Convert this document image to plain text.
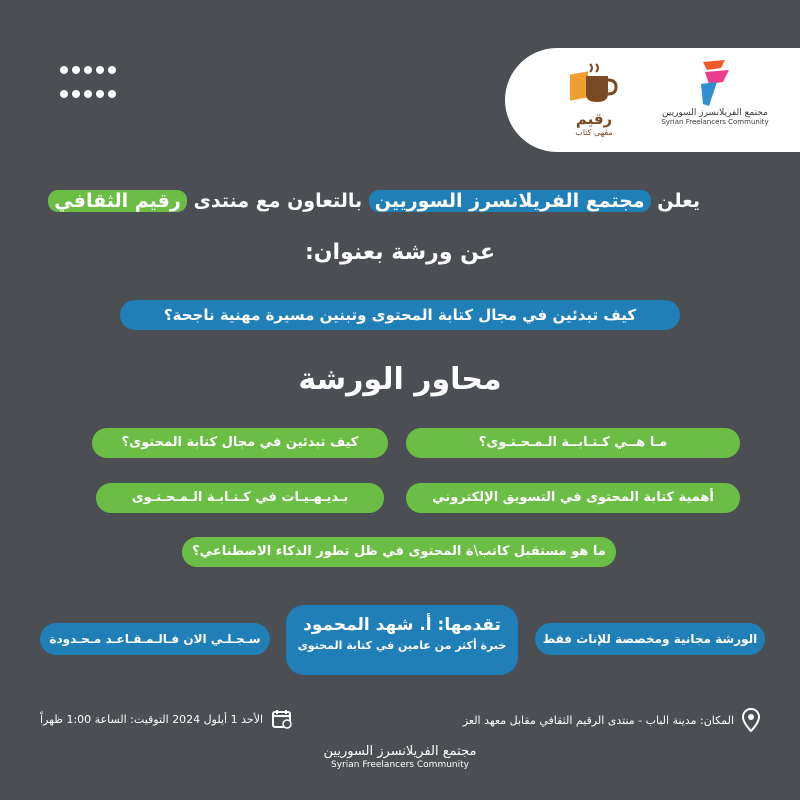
رقيم
مقهى كتاب
مجتمع الفريلانسرز السوريين
Syrian Freelancers Community
يعلن مجتمع الفريلانسرز السوريين بالتعاون مع منتدى رقيم الثقافي
عن ورشة بعنوان:
كيف تبدئين في مجال كتابة المحتوى وتبنين مسيرة مهنية ناجحة؟
محاور الورشة
مـا هــي كـتـابــة الـمـحـتـوى؟
كيف تبدئين في مجال كتابة المحتوى؟
أهمية كتابة المحتوى في التسويق الإلكتروني
بـديـهـيـات في كـتـابـة الـمـحـتـوى
ما هو مستقبل كاتب\ة المحتوى في ظل تطور الذكاء الاصطناعي؟
الورشة مجانية ومخصصة للإناث فقط
تقدمها: أ. شهد المحمود
خبرة أكثر من عامين في كتابة المحتوى
سـجـلـي الان فـالـمـقـاعـد مـحـدودة
المكان: مدينة الباب - منتدى الرقيم الثقافي مقابل معهد العز
الأحد 1 أيلول 2024 التوقيت: الساعة 1:00 ظهراً
مجتمع الفريلانسرز السوريين
Syrian Freelancers Community
